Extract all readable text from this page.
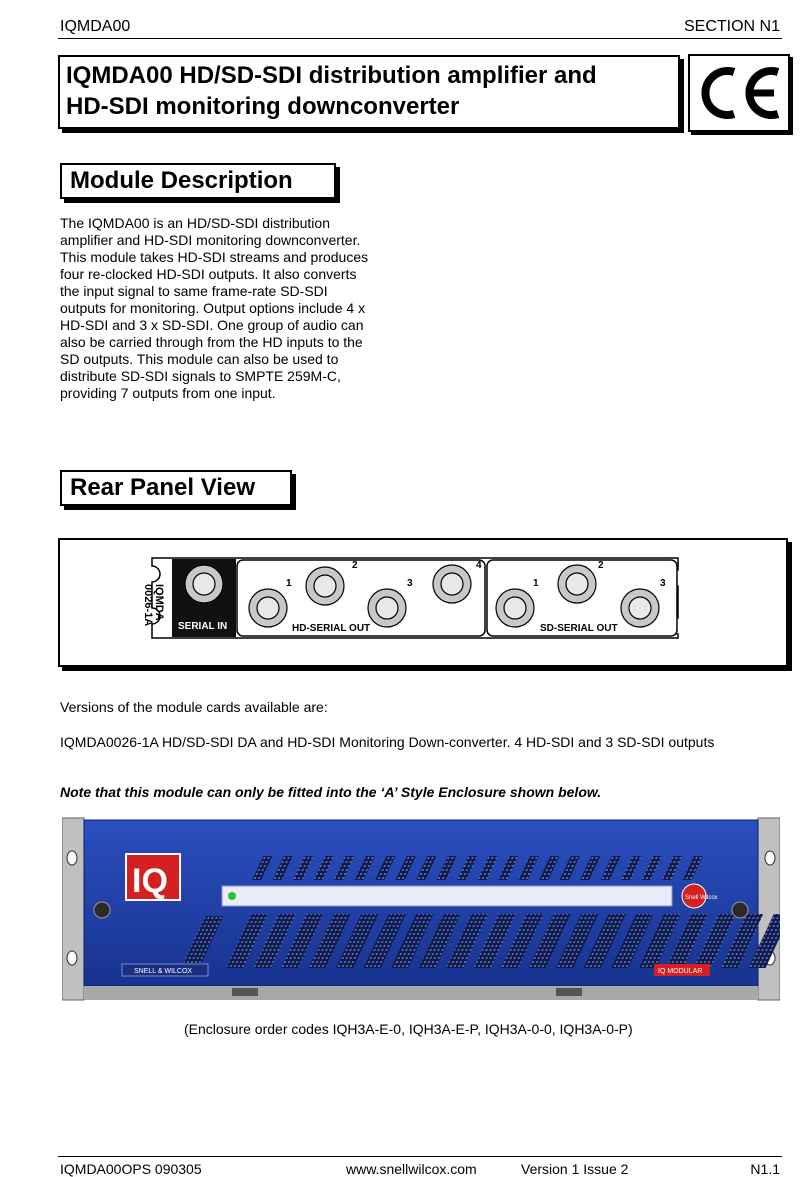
IQMDA00	SECTION N1
IQMDA00 HD/SD-SDI distribution amplifier and
HD-SDI monitoring downconverter
Module Description
The IQMDA00 is an HD/SD-SDI distribution
amplifier and HD-SDI monitoring downconverter.
This module takes HD-SDI streams and produces
four re-clocked HD-SDI outputs. It also converts
the input signal to same frame-rate SD-SDI
outputs for monitoring. Output options include 4 x
HD-SDI and 3 x SD-SDI. One group of audio can
also be carried through from the HD inputs to the
SD outputs. This module can also be used to
distribute SD-SDI signals to SMPTE 259M-C,
providing 7 outputs from one input.
Rear Panel View
SERIAL IN	HD-SERIAL OUT	SD-SERIAL OUT
1
2
3
4
1
2
3
IQMDA
0026-1A
Versions of the module cards available are:
IQMDA0026-1A HD/SD-SDI DA and HD-SDI Monitoring Down-converter. 4 HD-SDI and 3 SD-SDI outputs
Note that this module can only be fitted into the ‘A’ Style Enclosure shown below.
IQ	Snell Wilcox
SNELL & WILCOX	IQ MODULAR
(Enclosure order codes IQH3A-E-0, IQH3A-E-P, IQH3A-0-0, IQH3A-0-P)
IQMDA00OPS 090305	www.snellwilcox.com	Version 1 Issue 2	N1.1
